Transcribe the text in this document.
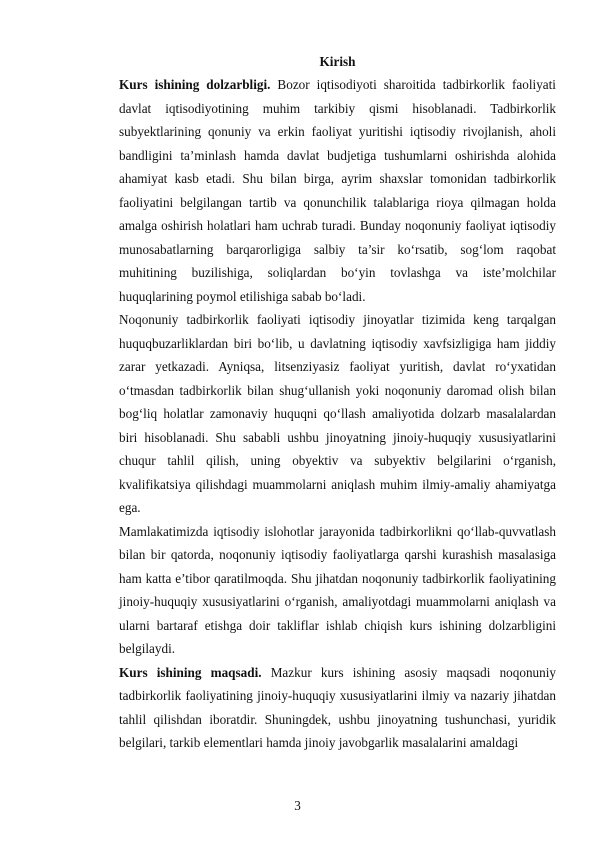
Kirish

Kurs ishining dolzarbligi. Bozor iqtisodiyoti sharoitida tadbirkorlik faoliyati davlat iqtisodiyotining muhim tarkibiy qismi hisoblanadi. Tadbirkorlik subyektlarining qonuniy va erkin faoliyat yuritishi iqtisodiy rivojlanish, aholi bandligini ta’minlash hamda davlat budjetiga tushumlarni oshirishda alohida ahamiyat kasb etadi. Shu bilan birga, ayrim shaxslar tomonidan tadbirkorlik faoliyatini belgilangan tartib va qonunchilik talablariga rioya qilmagan holda amalga oshirish holatlari ham uchrab turadi. Bunday noqonuniy faoliyat iqtisodiy munosabatlarning barqarorligiga salbiy ta’sir ko‘rsatib, sog‘lom raqobat muhitining buzilishiga, soliqlardan bo‘yin tovlashga va iste’molchilar huquqlarining poymol etilishiga sabab bo‘ladi.

Noqonuniy tadbirkorlik faoliyati iqtisodiy jinoyatlar tizimida keng tarqalgan huquqbuzarliklardan biri bo‘lib, u davlatning iqtisodiy xavfsizligiga ham jiddiy zarar yetkazadi. Ayniqsa, litsenziyasiz faoliyat yuritish, davlat ro‘yxatidan o‘tmasdan tadbirkorlik bilan shug‘ullanish yoki noqonuniy daromad olish bilan bog‘liq holatlar zamonaviy huquqni qo‘llash amaliyotida dolzarb masalalardan biri hisoblanadi. Shu sababli ushbu jinoyatning jinoiy-huquqiy xususiyatlarini chuqur tahlil qilish, uning obyektiv va subyektiv belgilarini o‘rganish, kvalifikatsiya qilishdagi muammolarni aniqlash muhim ilmiy-amaliy ahamiyatga ega.

Mamlakatimizda iqtisodiy islohotlar jarayonida tadbirkorlikni qo‘llab-quvvatlash bilan bir qatorda, noqonuniy iqtisodiy faoliyatlarga qarshi kurashish masalasiga ham katta e’tibor qaratilmoqda. Shu jihatdan noqonuniy tadbirkorlik faoliyatining jinoiy-huquqiy xususiyatlarini o‘rganish, amaliyotdagi muammolarni aniqlash va ularni bartaraf etishga doir takliflar ishlab chiqish kurs ishining dolzarbligini belgilaydi.

Kurs ishining maqsadi. Mazkur kurs ishining asosiy maqsadi noqonuniy tadbirkorlik faoliyatining jinoiy-huquqiy xususiyatlarini ilmiy va nazariy jihatdan tahlil qilishdan iboratdir. Shuningdek, ushbu jinoyatning tushunchasi, yuridik belgilari, tarkib elementlari hamda jinoiy javobgarlik masalalarini amaldagi

3
